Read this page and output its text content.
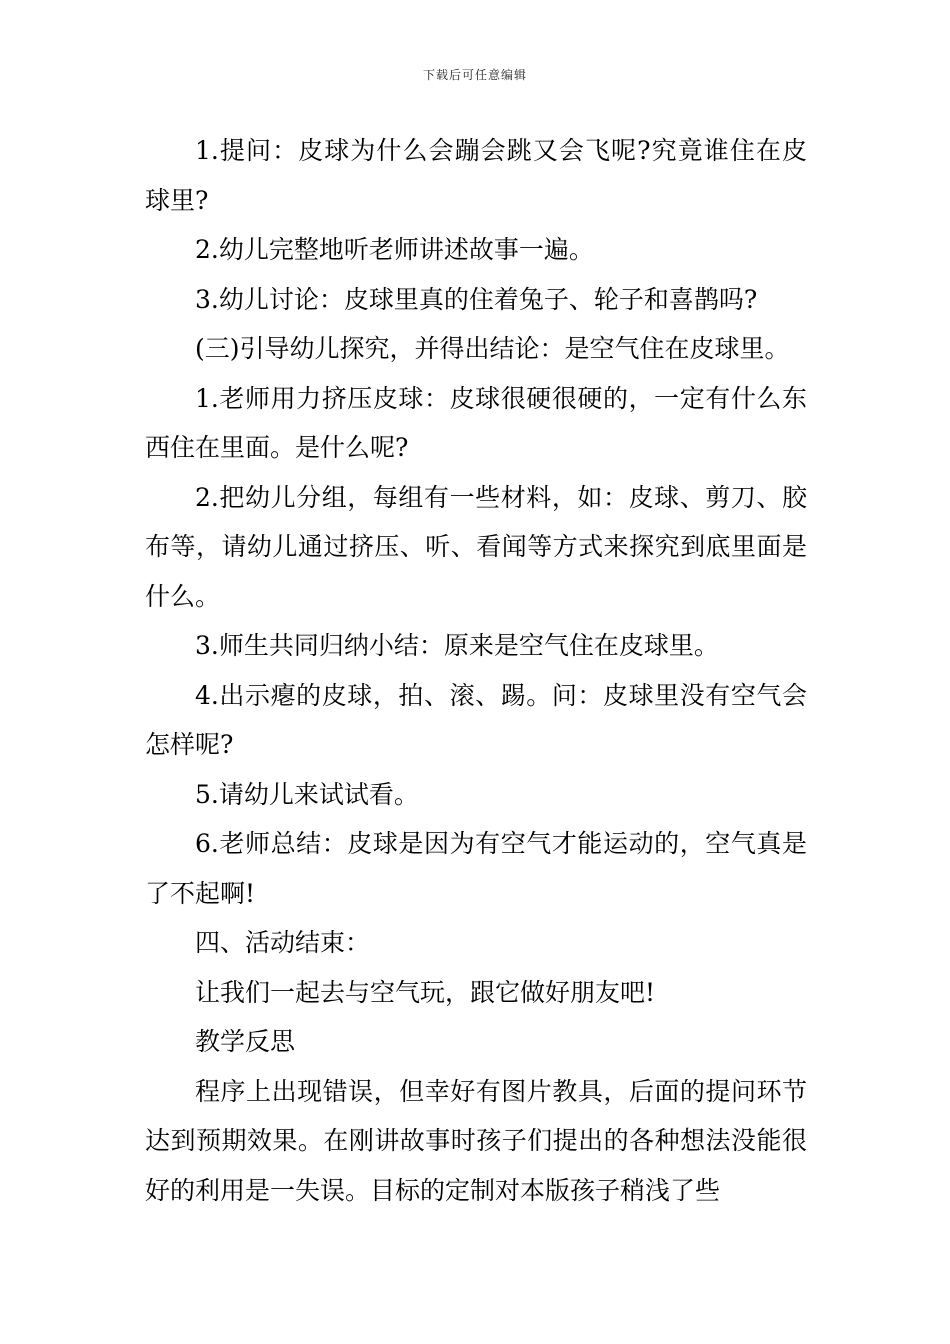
下载后可任意编辑

1.提问：皮球为什么会蹦会跳又会飞呢?究竟谁住在皮球里?

2.幼儿完整地听老师讲述故事一遍。

3.幼儿讨论：皮球里真的住着兔子、轮子和喜鹊吗?

(三)引导幼儿探究，并得出结论：是空气住在皮球里。

1.老师用力挤压皮球：皮球很硬很硬的，一定有什么东西住在里面。是什么呢?

2.把幼儿分组，每组有一些材料，如：皮球、剪刀、胶布等，请幼儿通过挤压、听、看闻等方式来探究到底里面是什么。

3.师生共同归纳小结：原来是空气住在皮球里。

4.出示瘪的皮球，拍、滚、踢。问：皮球里没有空气会怎样呢?

5.请幼儿来试试看。

6.老师总结：皮球是因为有空气才能运动的，空气真是了不起啊!

四、活动结束：

让我们一起去与空气玩，跟它做好朋友吧!

教学反思

程序上出现错误，但幸好有图片教具，后面的提问环节达到预期效果。在刚讲故事时孩子们提出的各种想法没能很好的利用是一失误。目标的定制对本版孩子稍浅了些
